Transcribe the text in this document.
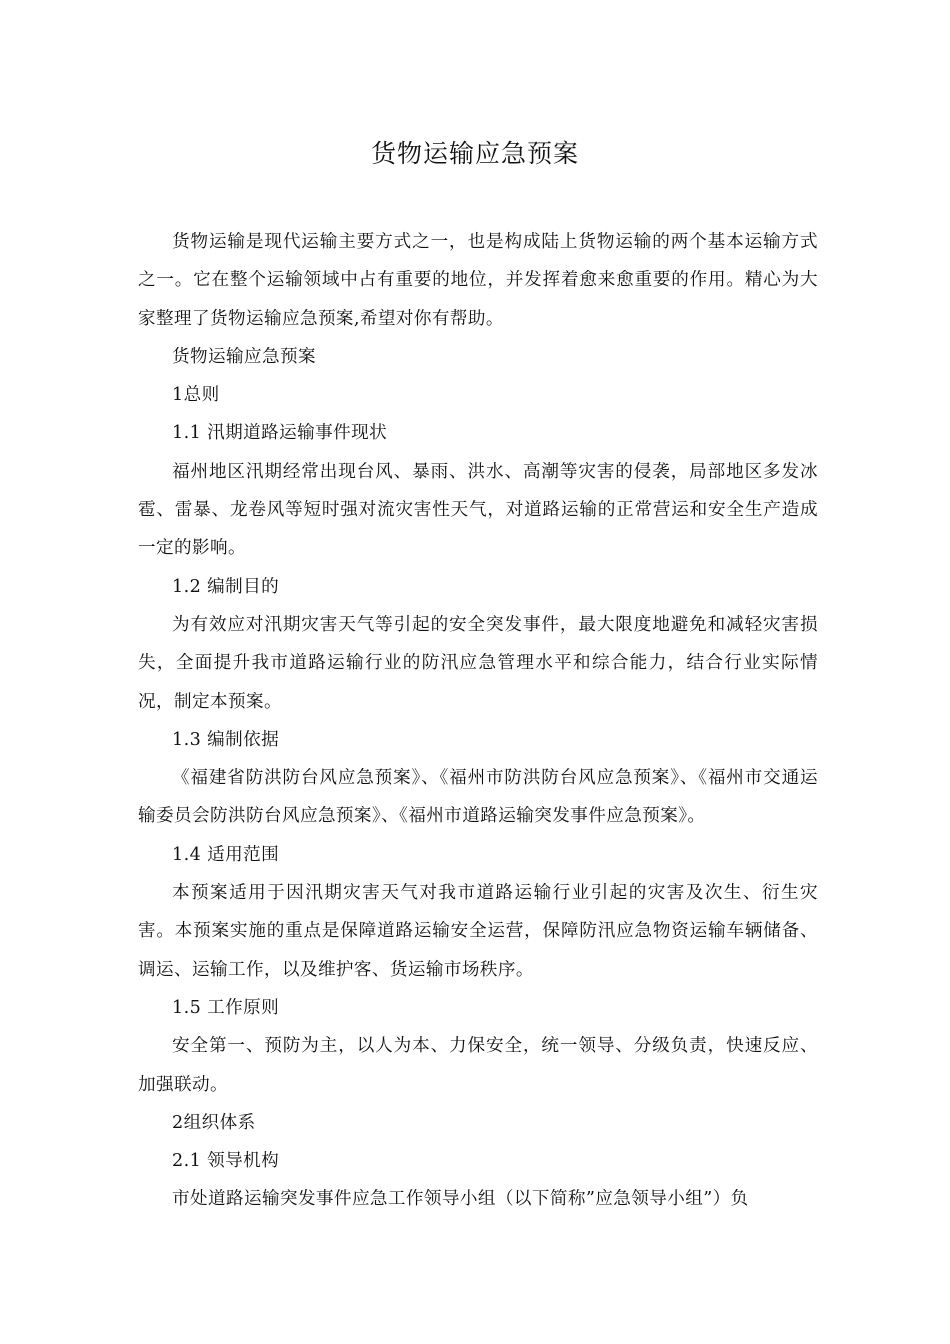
货物运输应急预案

货物运输是现代运输主要方式之一，也是构成陆上货物运输的两个基本运输方式之一。它在整个运输领域中占有重要的地位，并发挥着愈来愈重要的作用。精心为大家整理了货物运输应急预案,希望对你有帮助。

货物运输应急预案

1总则

1.1 汛期道路运输事件现状

福州地区汛期经常出现台风、暴雨、洪水、高潮等灾害的侵袭，局部地区多发冰雹、雷暴、龙卷风等短时强对流灾害性天气，对道路运输的正常营运和安全生产造成一定的影响。

1.2 编制目的

为有效应对汛期灾害天气等引起的安全突发事件，最大限度地避免和减轻灾害损失，全面提升我市道路运输行业的防汛应急管理水平和综合能力，结合行业实际情况，制定本预案。

1.3 编制依据

《福建省防洪防台风应急预案》、《福州市防洪防台风应急预案》、《福州市交通运输委员会防洪防台风应急预案》、《福州市道路运输突发事件应急预案》。

1.4 适用范围

本预案适用于因汛期灾害天气对我市道路运输行业引起的灾害及次生、衍生灾害。本预案实施的重点是保障道路运输安全运营，保障防汛应急物资运输车辆储备、调运、运输工作，以及维护客、货运输市场秩序。

1.5 工作原则

安全第一、预防为主，以人为本、力保安全，统一领导、分级负责，快速反应、加强联动。

2组织体系

2.1 领导机构

市处道路运输突发事件应急工作领导小组（以下简称”应急领导小组”）负
